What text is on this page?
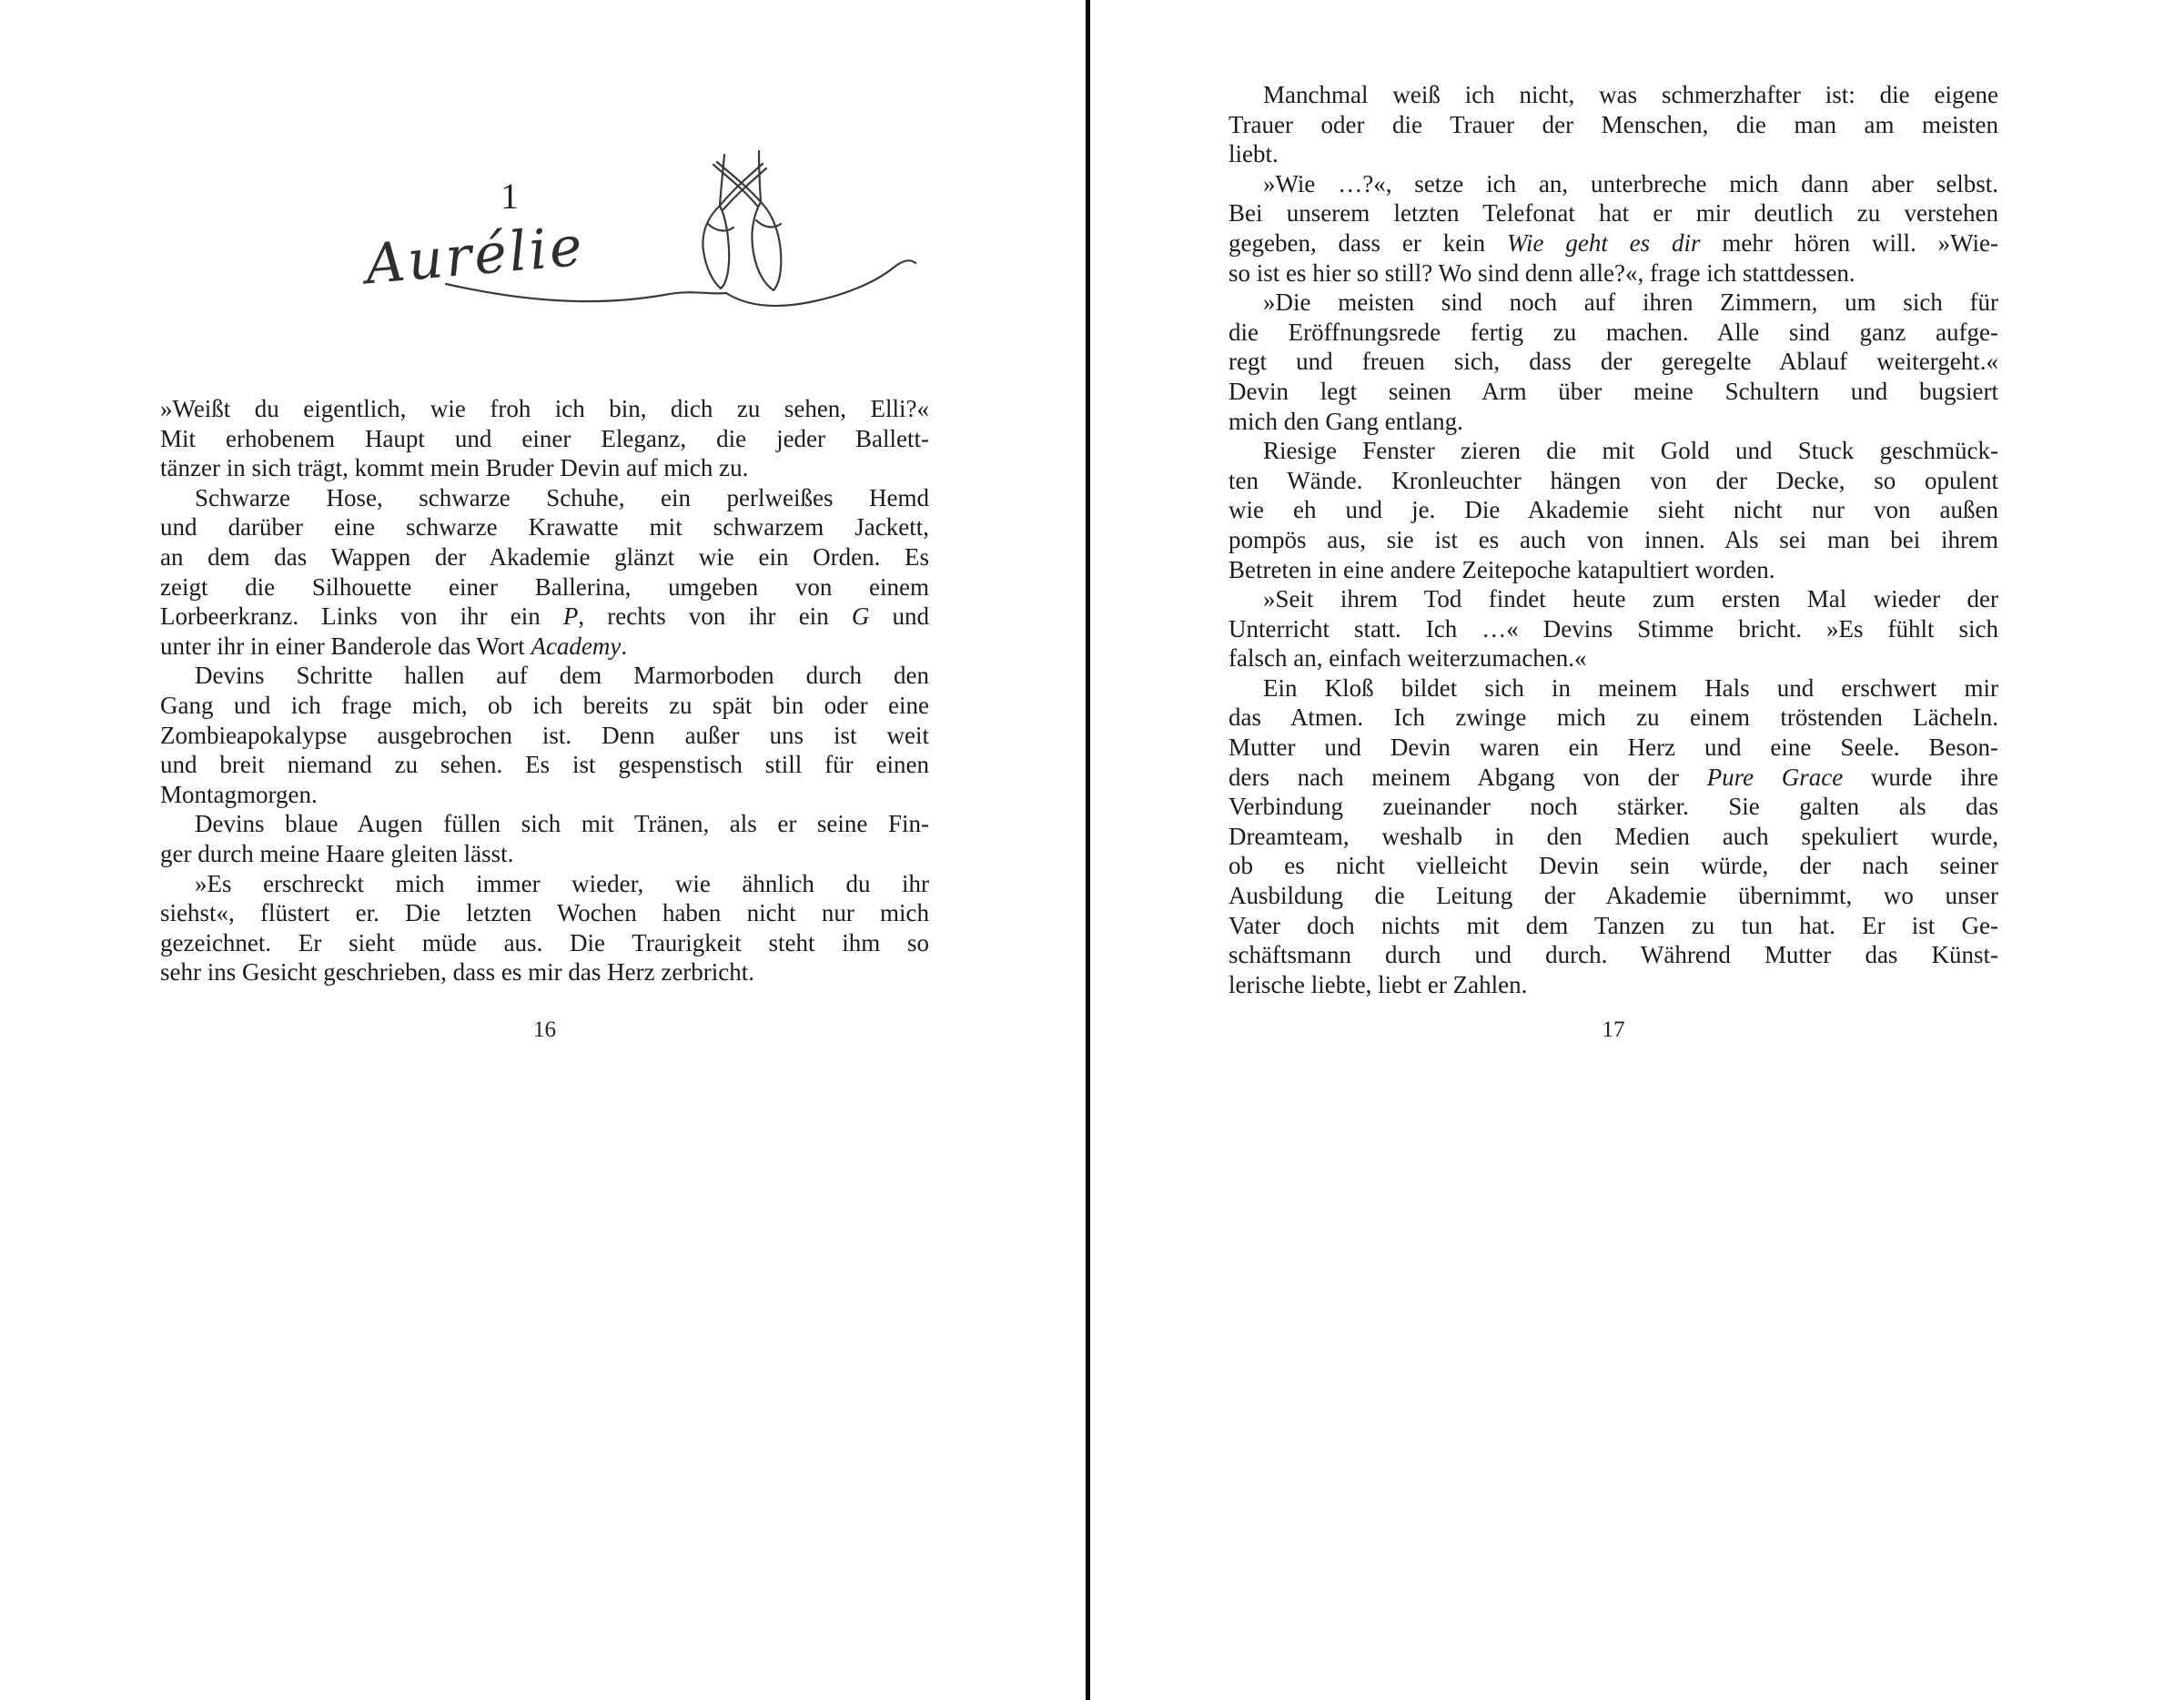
1
Aurélie
»Weißt du eigentlich, wie froh ich bin, dich zu sehen, Elli?«
Mit erhobenem Haupt und einer Eleganz, die jeder Ballett-
tänzer in sich trägt, kommt mein Bruder Devin auf mich zu.
Schwarze Hose, schwarze Schuhe, ein perlweißes Hemd
und darüber eine schwarze Krawatte mit schwarzem Jackett,
an dem das Wappen der Akademie glänzt wie ein Orden. Es
zeigt die Silhouette einer Ballerina, umgeben von einem
Lorbeerkranz. Links von ihr ein P, rechts von ihr ein G und
unter ihr in einer Banderole das Wort Academy.
Devins Schritte hallen auf dem Marmorboden durch den
Gang und ich frage mich, ob ich bereits zu spät bin oder eine
Zombieapokalypse ausgebrochen ist. Denn außer uns ist weit
und breit niemand zu sehen. Es ist gespenstisch still für einen
Montagmorgen.
Devins blaue Augen füllen sich mit Tränen, als er seine Fin-
ger durch meine Haare gleiten lässt.
»Es erschreckt mich immer wieder, wie ähnlich du ihr
siehst«, flüstert er. Die letzten Wochen haben nicht nur mich
gezeichnet. Er sieht müde aus. Die Traurigkeit steht ihm so
sehr ins Gesicht geschrieben, dass es mir das Herz zerbricht.
16
Manchmal weiß ich nicht, was schmerzhafter ist: die eigene
Trauer oder die Trauer der Menschen, die man am meisten
liebt.
»Wie …?«, setze ich an, unterbreche mich dann aber selbst.
Bei unserem letzten Telefonat hat er mir deutlich zu verstehen
gegeben, dass er kein Wie geht es dir mehr hören will. »Wie-
so ist es hier so still? Wo sind denn alle?«, frage ich stattdessen.
»Die meisten sind noch auf ihren Zimmern, um sich für
die Eröffnungsrede fertig zu machen. Alle sind ganz aufge-
regt und freuen sich, dass der geregelte Ablauf weitergeht.«
Devin legt seinen Arm über meine Schultern und bugsiert
mich den Gang entlang.
Riesige Fenster zieren die mit Gold und Stuck geschmück-
ten Wände. Kronleuchter hängen von der Decke, so opulent
wie eh und je. Die Akademie sieht nicht nur von außen
pompös aus, sie ist es auch von innen. Als sei man bei ihrem
Betreten in eine andere Zeitepoche katapultiert worden.
»Seit ihrem Tod findet heute zum ersten Mal wieder der
Unterricht statt. Ich …« Devins Stimme bricht. »Es fühlt sich
falsch an, einfach weiterzumachen.«
Ein Kloß bildet sich in meinem Hals und erschwert mir
das Atmen. Ich zwinge mich zu einem tröstenden Lächeln.
Mutter und Devin waren ein Herz und eine Seele. Beson-
ders nach meinem Abgang von der Pure Grace wurde ihre
Verbindung zueinander noch stärker. Sie galten als das
Dreamteam, weshalb in den Medien auch spekuliert wurde,
ob es nicht vielleicht Devin sein würde, der nach seiner
Ausbildung die Leitung der Akademie übernimmt, wo unser
Vater doch nichts mit dem Tanzen zu tun hat. Er ist Ge-
schäftsmann durch und durch. Während Mutter das Künst-
lerische liebte, liebt er Zahlen.
17
